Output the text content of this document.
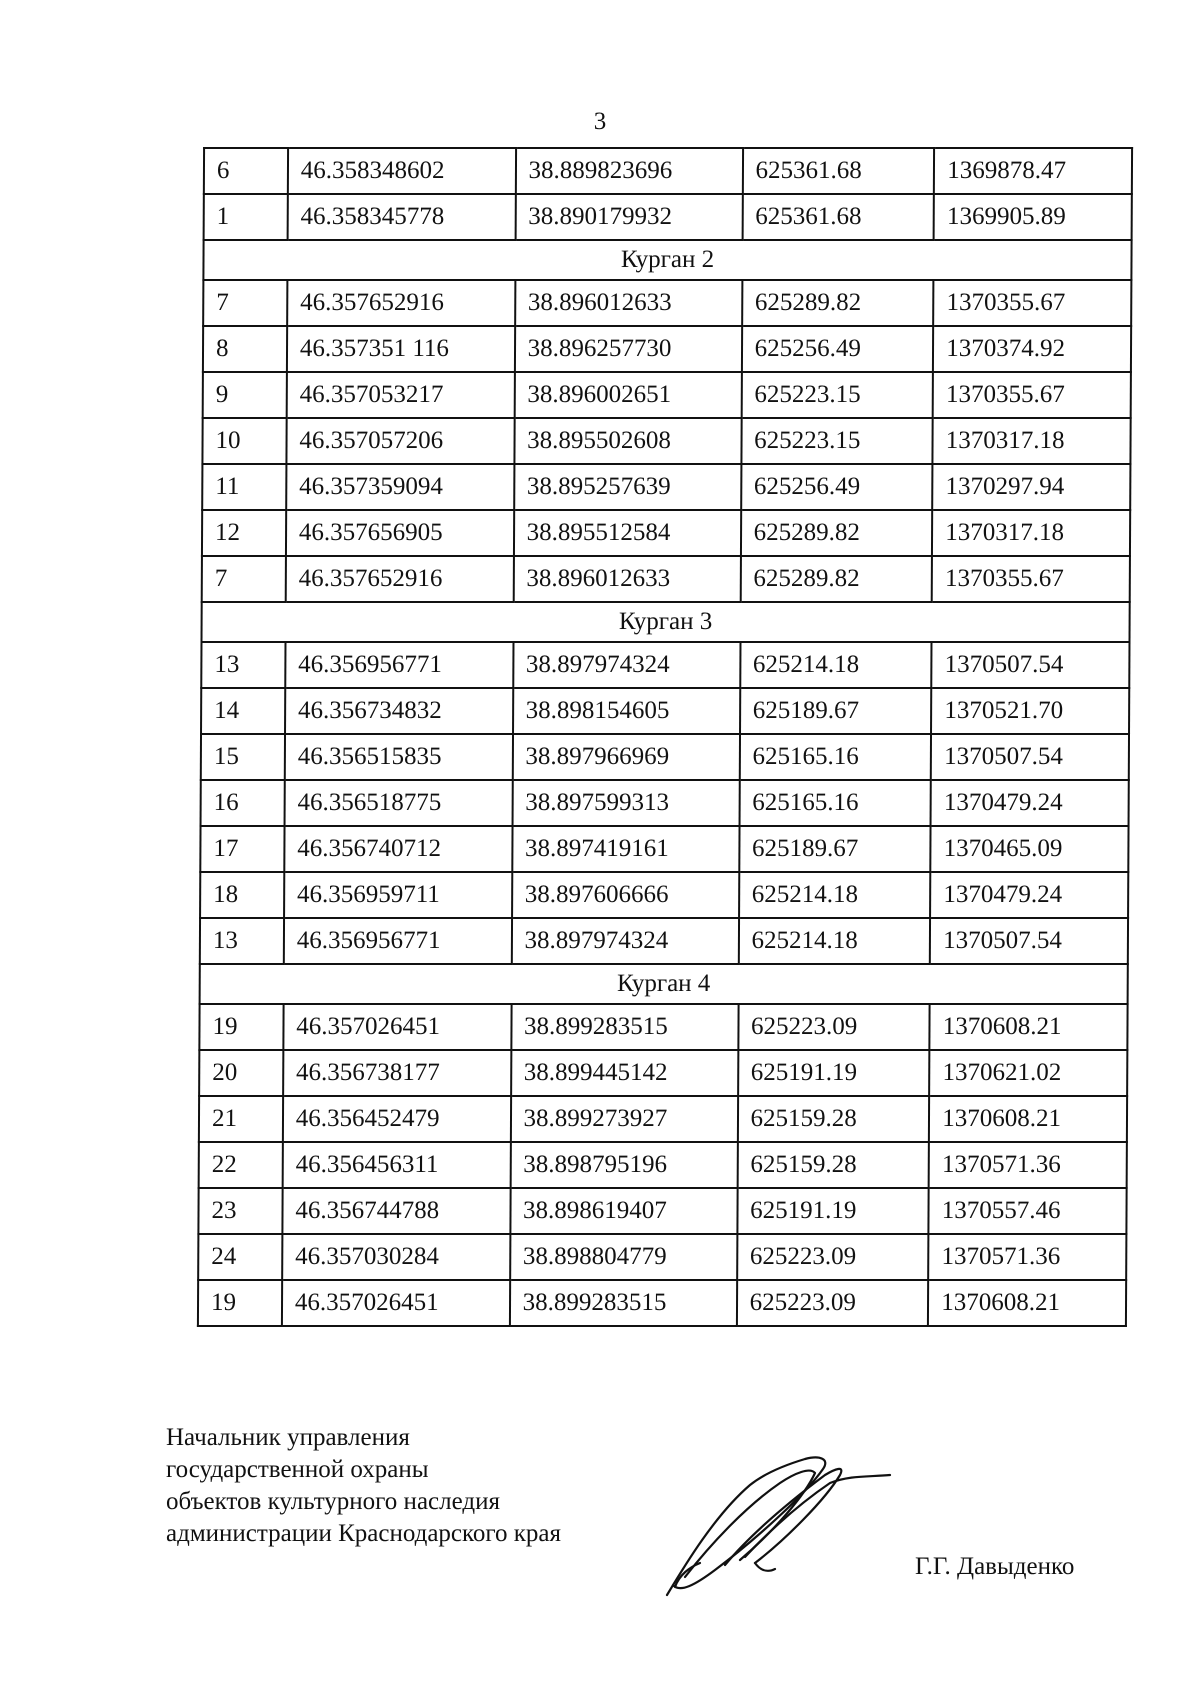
3
6	46.358348602	38.889823696	625361.68	1369878.47
1	46.358345778	38.890179932	625361.68	1369905.89
Курган 2				
7	46.357652916	38.896012633	625289.82	1370355.67
8	46.357351 116	38.896257730	625256.49	1370374.92
9	46.357053217	38.896002651	625223.15	1370355.67
10	46.357057206	38.895502608	625223.15	1370317.18
11	46.357359094	38.895257639	625256.49	1370297.94
12	46.357656905	38.895512584	625289.82	1370317.18
7	46.357652916	38.896012633	625289.82	1370355.67
Курган 3				
13	46.356956771	38.897974324	625214.18	1370507.54
14	46.356734832	38.898154605	625189.67	1370521.70
15	46.356515835	38.897966969	625165.16	1370507.54
16	46.356518775	38.897599313	625165.16	1370479.24
17	46.356740712	38.897419161	625189.67	1370465.09
18	46.356959711	38.897606666	625214.18	1370479.24
13	46.356956771	38.897974324	625214.18	1370507.54
Курган 4				
19	46.357026451	38.899283515	625223.09	1370608.21
20	46.356738177	38.899445142	625191.19	1370621.02
21	46.356452479	38.899273927	625159.28	1370608.21
22	46.356456311	38.898795196	625159.28	1370571.36
23	46.356744788	38.898619407	625191.19	1370557.46
24	46.357030284	38.898804779	625223.09	1370571.36
19	46.357026451	38.899283515	625223.09	1370608.21
Начальник управления
государственной охраны
объектов культурного наследия
администрации Краснодарского края
Г.Г. Давыденко
